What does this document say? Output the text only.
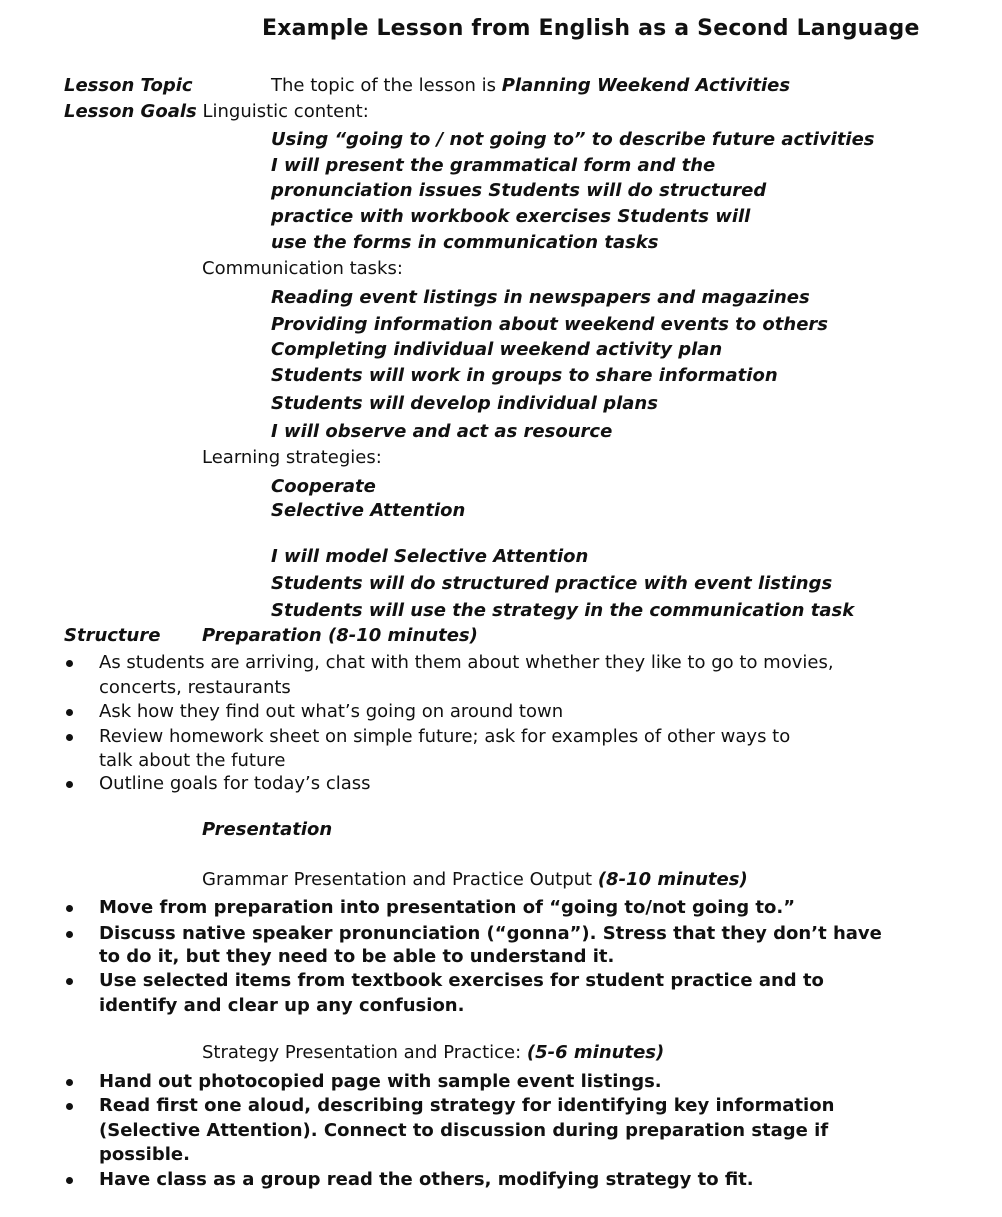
Example Lesson from English as a Second Language
Lesson Topic	The topic of the lesson is Planning Weekend Activities
Lesson Goals Linguistic content:
Using “going to / not going to” to describe future activities
I will present the grammatical form and the
pronunciation issues Students will do structured
practice with workbook exercises Students will
use the forms in communication tasks
Communication tasks:
Reading event listings in newspapers and magazines
Providing information about weekend events to others
Completing individual weekend activity plan
Students will work in groups to share information
Students will develop individual plans
I will observe and act as resource
Learning strategies:
Cooperate
Selective Attention
I will model Selective Attention
Students will do structured practice with event listings
Students will use the strategy in the communication task
Structure Preparation (8-10 minutes)
As students are arriving, chat with them about whether they like to go to movies,
concerts, restaurants
Ask how they find out what’s going on around town
Review homework sheet on simple future; ask for examples of other ways to
talk about the future
Outline goals for today’s class
Presentation
Grammar Presentation and Practice Output (8-10 minutes)
Move from preparation into presentation of “going to/not going to.”
Discuss native speaker pronunciation (“gonna”). Stress that they don’t have
to do it, but they need to be able to understand it.
Use selected items from textbook exercises for student practice and to
identify and clear up any confusion.
Strategy Presentation and Practice: (5-6 minutes)
Hand out photocopied page with sample event listings.
Read first one aloud, describing strategy for identifying key information
(Selective Attention). Connect to discussion during preparation stage if
possible.
Have class as a group read the others, modifying strategy to fit.
